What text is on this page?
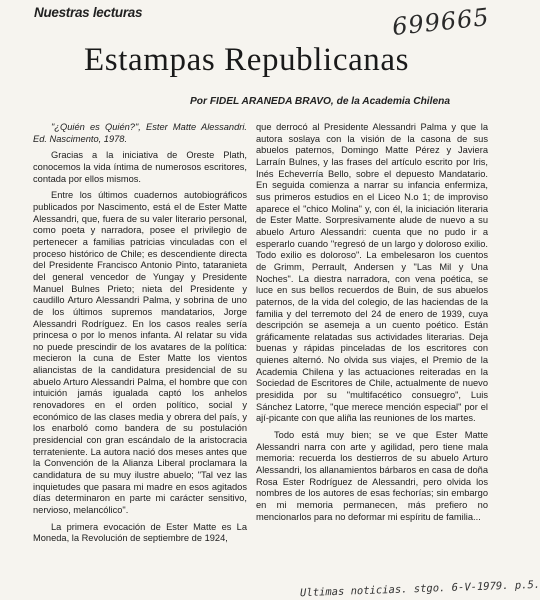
Nuestras lecturas	699665
Estampas Republicanas
Por FIDEL ARANEDA BRAVO, de la Academia Chilena

"¿Quién es Quién?", Ester Matte Alessandri. Ed. Nascimento, 1978.

Gracias a la iniciativa de Oreste Plath, conocemos la vida íntima de numerosos escritores, contada por ellos mismos.

Entre los últimos cuadernos autobiográficos publicados por Nascimento, está el de Ester Matte Alessandri, que, fuera de su valer literario personal, como poeta y narradora, posee el privilegio de pertenecer a familias patricias vinculadas con el proceso histórico de Chile; es descendiente directa del Presidente Francisco Antonio Pinto, tataranieta del general vencedor de Yungay y Presidente Manuel Bulnes Prieto; nieta del Presidente y caudillo Arturo Alessandri Palma, y sobrina de uno de los últimos supremos mandatarios, Jorge Alessandri Rodríguez. En los casos reales sería princesa o por lo menos infanta. Al relatar su vida no puede prescindir de los avatares de la política: mecieron la cuna de Ester Matte los vientos aliancistas de la candidatura presidencial de su abuelo Arturo Alessandri Palma, el hombre que con intuición jamás igualada captó los anhelos renovadores en el orden político, social y económico de las clases media y obrera del país, y los enarboló como bandera de su postulación presidencial con gran escándalo de la aristocracia terrateniente. La autora nació dos meses antes que la Convención de la Alianza Liberal proclamara la candidatura de su muy ilustre abuelo; "Tal vez las inquietudes que pasara mi madre en esos agitados días determinaron en parte mi carácter sensitivo, nervioso, melancólico".

La primera evocación de Ester Matte es La Moneda, la Revolución de septiembre de 1924,

que derrocó al Presidente Alessandri Palma y que la autora soslaya con la visión de la casona de sus abuelos paternos, Domingo Matte Pérez y Javiera Larraín Bulnes, y las frases del artículo escrito por Iris, Inés Echeverría Bello, sobre el depuesto Mandatario. En seguida comienza a narrar su infancia enfermiza, sus primeros estudios en el Liceo N.o 1; de improviso aparece el "chico Molina" y, con él, la iniciación literaria de Ester Matte. Sorpresivamente alude de nuevo a su abuelo Arturo Alessandri: cuenta que no pudo ir a esperarlo cuando "regresó de un largo y doloroso exilio. Todo exilio es doloroso". La embelesaron los cuentos de Grimm, Perrault, Andersen y "Las Mil y Una Noches". La diestra narradora, con vena poética, se luce en sus bellos recuerdos de Buin, de sus abuelos paternos, de la vida del colegio, de las haciendas de la familia y del terremoto del 24 de enero de 1939, cuya descripción se asemeja a un cuento poético. Están gráficamente relatadas sus actividades literarias. Deja buenas y rápidas pinceladas de los escritores con quienes alternó. No olvida sus viajes, el Premio de la Academia Chilena y las actuaciones reiteradas en la Sociedad de Escritores de Chile, actualmente de nuevo presidida por su "multifacético consuegro", Luis Sánchez Latorre, "que merece mención especial" por el ají-picante con que aliña las reuniones de los martes.

Todo está muy bien; se ve que Ester Matte Alessandri narra con arte y agilidad, pero tiene mala memoria: recuerda los destierros de su abuelo Arturo Alessandri, los allanamientos bárbaros en casa de doña Rosa Ester Rodríguez de Alessandri, pero olvida los nombres de los autores de esas fechorías; sin embargo en mi memoria permanecen, más prefiero no mencionarlos para no deformar mi espíritu de familia...

Ultimas noticias. stgo. 6-V-1979. p.5.
